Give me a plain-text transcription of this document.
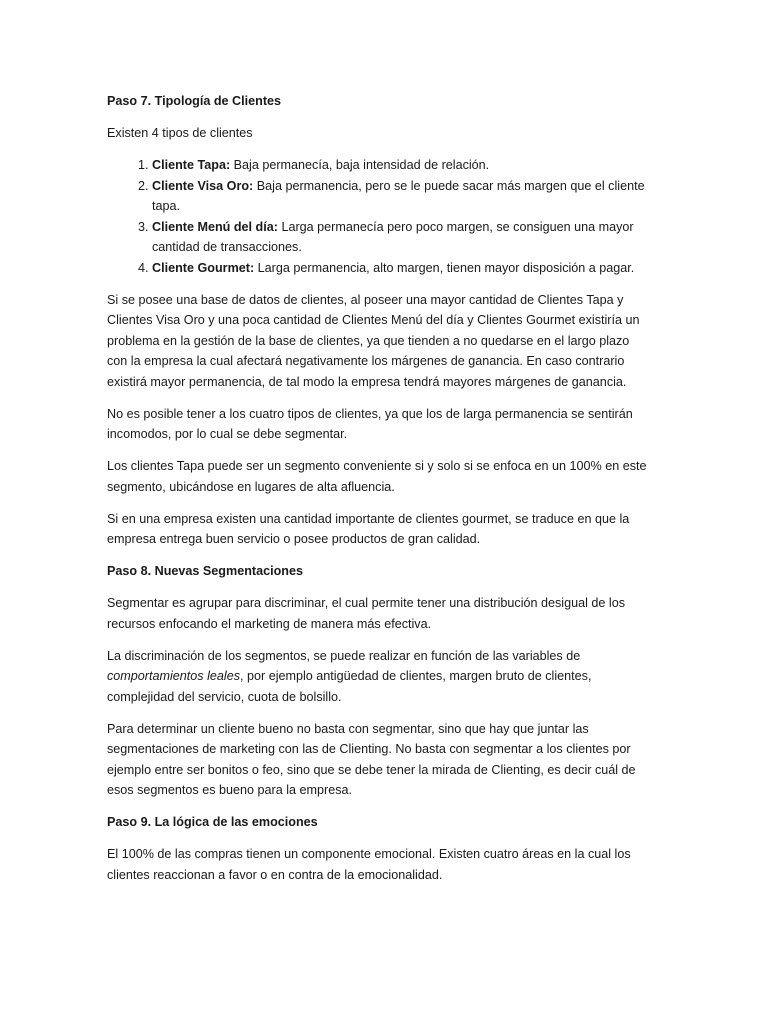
Paso 7. Tipología de Clientes

Existen 4 tipos de clientes

1. Cliente Tapa: Baja permanecía, baja intensidad de relación.
2. Cliente Visa Oro: Baja permanencia, pero se le puede sacar más margen que el cliente tapa.
3. Cliente Menú del día: Larga permanecía pero poco margen, se consiguen una mayor cantidad de transacciones.
4. Cliente Gourmet: Larga permanencia, alto margen, tienen mayor disposición a pagar.

Si se posee una base de datos de clientes, al poseer una mayor cantidad de Clientes Tapa y Clientes Visa Oro y una poca cantidad de Clientes Menú del día y Clientes Gourmet existiría un problema en la gestión de la base de clientes, ya que tienden a no quedarse en el largo plazo con la empresa la cual afectará negativamente los márgenes de ganancia. En caso contrario existirá mayor permanencia, de tal modo la empresa tendrá mayores márgenes de ganancia.

No es posible tener a los cuatro tipos de clientes, ya que los de larga permanencia se sentirán incomodos, por lo cual se debe segmentar.

Los clientes Tapa puede ser un segmento conveniente si y solo si se enfoca en un 100% en este segmento, ubicándose en lugares de alta afluencia.

Si en una empresa existen una cantidad importante de clientes gourmet, se traduce en que la empresa entrega buen servicio o posee productos de gran calidad.

Paso 8. Nuevas Segmentaciones

Segmentar es agrupar para discriminar, el cual permite tener una distribución desigual de los recursos enfocando el marketing de manera más efectiva.

La discriminación de los segmentos, se puede realizar en función de las variables de comportamientos leales, por ejemplo antigüedad de clientes, margen bruto de clientes, complejidad del servicio, cuota de bolsillo.

Para determinar un cliente bueno no basta con segmentar, sino que hay que juntar las segmentaciones de marketing con las de Clienting. No basta con segmentar a los clientes por ejemplo entre ser bonitos o feo, sino que se debe tener la mirada de Clienting, es decir cuál de esos segmentos es bueno para la empresa.

Paso 9. La lógica de las emociones

El 100% de las compras tienen un componente emocional. Existen cuatro áreas en la cual los clientes reaccionan a favor o en contra de la emocionalidad.
